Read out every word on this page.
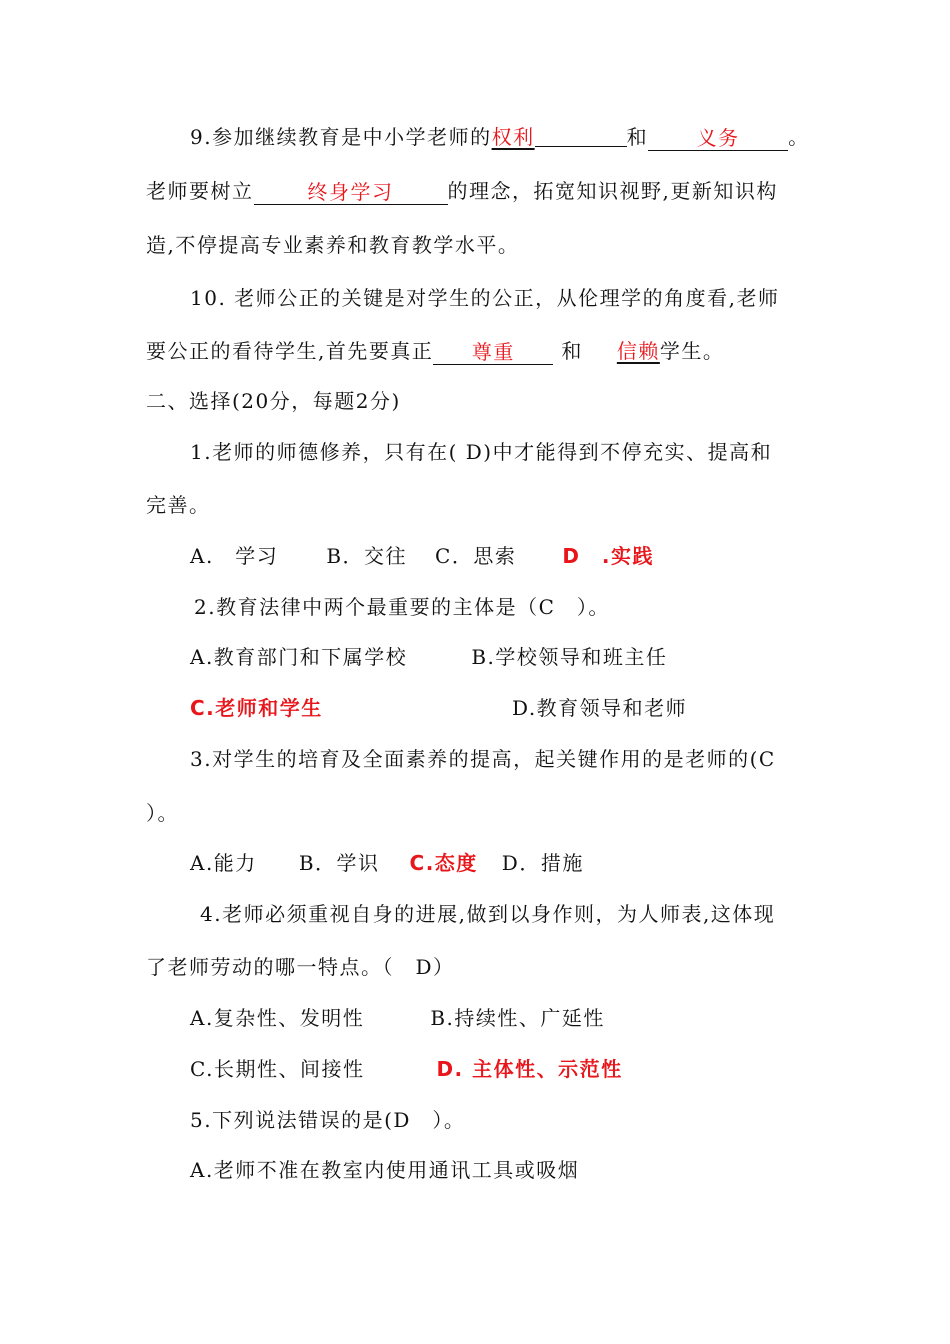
9.参加继续教育是中小学老师的权利	和 义务 。
老师要树立	终身学习	的理念，拓宽知识视野,更新知识构
造,不停提高专业素养和教育教学水平。
10. 老师公正的关键是对学生的公正，从伦理学的角度看,老师
要公正的看待学生,首先要真正 尊重 和 信赖学生。
二、选择(20分，每题2分)
1.老师的师德修养，只有在( D)中才能得到不停充实、提高和
完善。
A.　学习 B．交往 C．思索 D　.实践
2.教育法律中两个最重要的主体是（C　）。
A.教育部门和下属学校	B.学校领导和班主任
C.老师和学生	D.教育领导和老师
3.对学生的培育及全面素养的提高，起关键作用的是老师的(C
）。
A.能力 B．学识 C.态度 D．措施
4.老师必须重视自身的进展,做到以身作则，为人师表,这体现
了老师劳动的哪一特点。（　D）
A.复杂性、发明性	B.持续性、广延性
C.长期性、间接性	D. 主体性、示范性
5.下列说法错误的是(D　）。
A.老师不准在教室内使用通讯工具或吸烟
